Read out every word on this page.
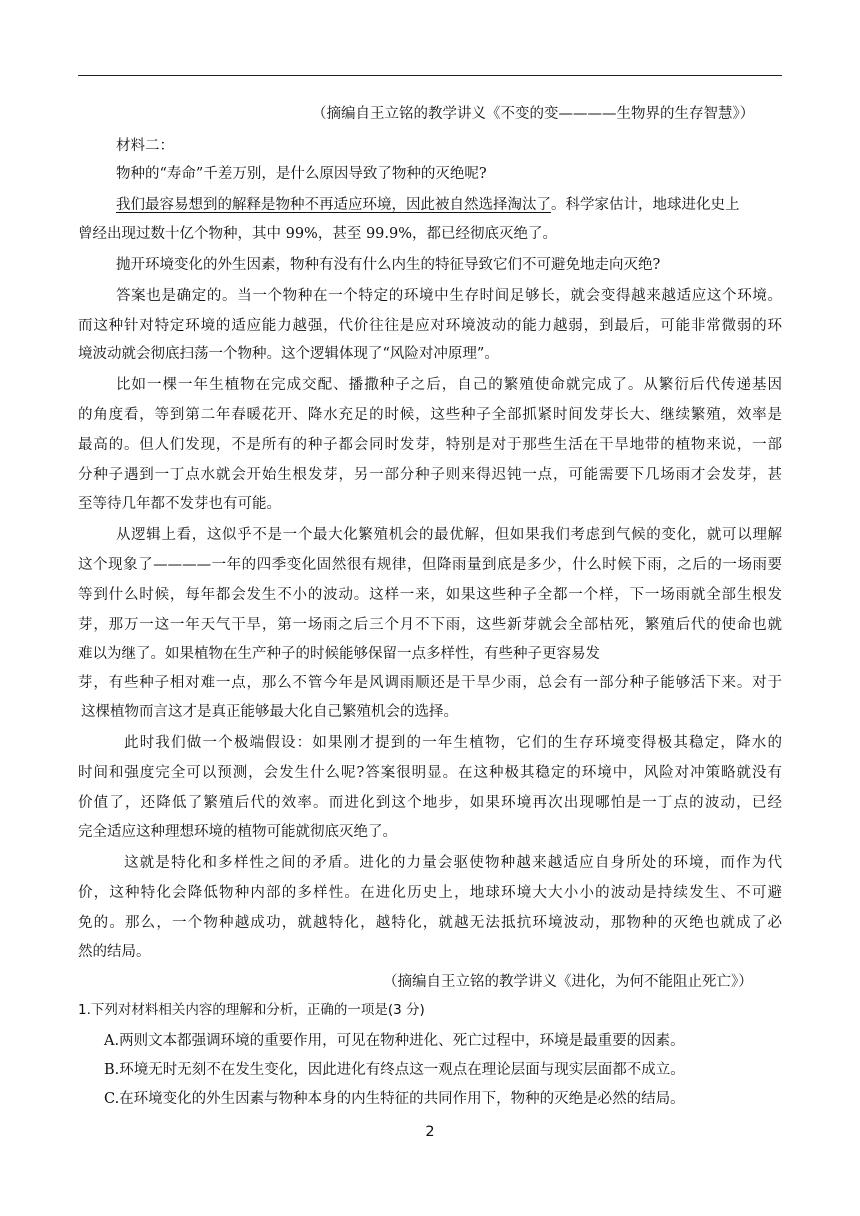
（摘编自王立铭的教学讲义《不变的变————生物界的生存智慧》）
材料二：
物种的“寿命”千差万别，是什么原因导致了物种的灭绝呢?
我们最容易想到的解释是物种不再适应环境，因此被自然选择淘汰了。科学家估计，地球进化史上
曾经出现过数十亿个物种，其中 99%，甚至 99.9%，都已经彻底灭绝了。
抛开环境变化的外生因素，物种有没有什么内生的特征导致它们不可避免地走向灭绝?
答案也是确定的。当一个物种在一个特定的环境中生存时间足够长，就会变得越来越适应这个环境。
而这种针对特定环境的适应能力越强，代价往往是应对环境波动的能力越弱，到最后，可能非常微弱的环
境波动就会彻底扫荡一个物种。这个逻辑体现了“风险对冲原理”。
比如一棵一年生植物在完成交配、播撒种子之后，自己的繁殖使命就完成了。从繁衍后代传递基因
的角度看，等到第二年春暖花开、降水充足的时候，这些种子全部抓紧时间发芽长大、继续繁殖，效率是
最高的。但人们发现，不是所有的种子都会同时发芽，特别是对于那些生活在干旱地带的植物来说，一部
分种子遇到一丁点水就会开始生根发芽，另一部分种子则来得迟钝一点，可能需要下几场雨才会发芽，甚
至等待几年都不发芽也有可能。
从逻辑上看，这似乎不是一个最大化繁殖机会的最优解，但如果我们考虑到气候的变化，就可以理解
这个现象了————一年的四季变化固然很有规律，但降雨量到底是多少，什么时候下雨，之后的一场雨要
等到什么时候，每年都会发生不小的波动。这样一来，如果这些种子全都一个样，下一场雨就全部生根发
芽，那万一这一年天气干旱，第一场雨之后三个月不下雨，这些新芽就会全部枯死，繁殖后代的使命也就
难以为继了。如果植物在生产种子的时候能够保留一点多样性，有些种子更容易发
芽，有些种子相对难一点，那么不管今年是风调雨顺还是干旱少雨，总会有一部分种子能够活下来。对于
这棵植物而言这才是真正能够最大化自己繁殖机会的选择。
此时我们做一个极端假设：如果刚才提到的一年生植物，它们的生存环境变得极其稳定，降水的
时间和强度完全可以预测，会发生什么呢?答案很明显。在这种极其稳定的环境中，风险对冲策略就没有
价值了，还降低了繁殖后代的效率。而进化到这个地步，如果环境再次出现哪怕是一丁点的波动，已经
完全适应这种理想环境的植物可能就彻底灭绝了。
这就是特化和多样性之间的矛盾。进化的力量会驱使物种越来越适应自身所处的环境，而作为代
价，这种特化会降低物种内部的多样性。在进化历史上，地球环境大大小小的波动是持续发生、不可避
免的。那么，一个物种越成功，就越特化，越特化，就越无法抵抗环境波动，那物种的灭绝也就成了必
然的结局。
（摘编自王立铭的教学讲义《进化，为何不能阻止死亡》）
1.下列对材料相关内容的理解和分析，正确的一项是(3 分)
A.两则文本都强调环境的重要作用，可见在物种进化、死亡过程中，环境是最重要的因素。
B.环境无时无刻不在发生变化，因此进化有终点这一观点在理论层面与现实层面都不成立。
C.在环境变化的外生因素与物种本身的内生特征的共同作用下，物种的灭绝是必然的结局。
2
